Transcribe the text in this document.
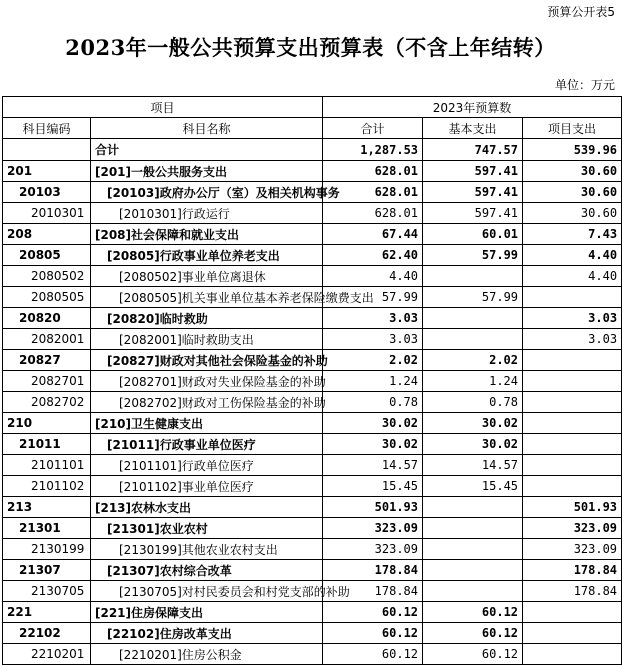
预算公开表5
2023年一般公共预算支出预算表（不含上年结转）
单位：万元
项目		2023年预算数		
科目编码	科目名称	合计	基本支出	项目支出
	合计	1,287.53	747.57	539.96
201	[201]一般公共服务支出	628.01	597.41	30.60
20103	[20103]政府办公厅（室）及相关机构事务	628.01	597.41	30.60
2010301	[2010301]行政运行	628.01	597.41	30.60
208	[208]社会保障和就业支出	67.44	60.01	7.43
20805	[20805]行政事业单位养老支出	62.40	57.99	4.40
2080502	[2080502]事业单位离退休	4.40		4.40
2080505	[2080505]机关事业单位基本养老保险缴费支出	57.99	57.99	
20820	[20820]临时救助	3.03		3.03
2082001	[2082001]临时救助支出	3.03		3.03
20827	[20827]财政对其他社会保险基金的补助	2.02	2.02	
2082701	[2082701]财政对失业保险基金的补助	1.24	1.24	
2082702	[2082702]财政对工伤保险基金的补助	0.78	0.78	
210	[210]卫生健康支出	30.02	30.02	
21011	[21011]行政事业单位医疗	30.02	30.02	
2101101	[2101101]行政单位医疗	14.57	14.57	
2101102	[2101102]事业单位医疗	15.45	15.45	
213	[213]农林水支出	501.93		501.93
21301	[21301]农业农村	323.09		323.09
2130199	[2130199]其他农业农村支出	323.09		323.09
21307	[21307]农村综合改革	178.84		178.84
2130705	[2130705]对村民委员会和村党支部的补助	178.84		178.84
221	[221]住房保障支出	60.12	60.12	
22102	[22102]住房改革支出	60.12	60.12	
2210201	[2210201]住房公积金	60.12	60.12	
